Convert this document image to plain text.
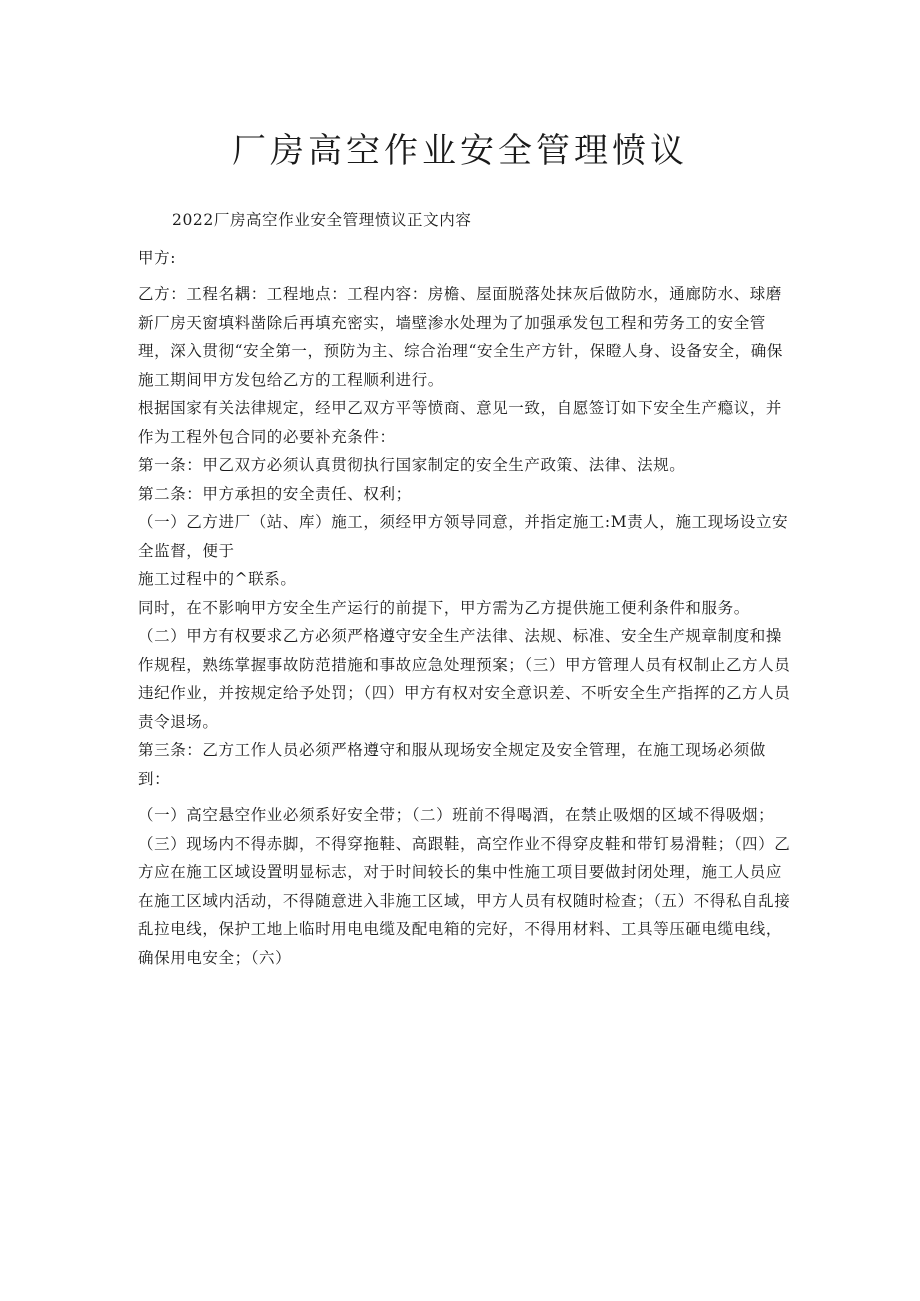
厂房高空作业安全管理愤议

2022厂房高空作业安全管理愤议正文内容

甲方:

乙方：工程名耦：工程地点：工程内容：房檐、屋面脱落处抹灰后做防水，通廊防水、球磨新厂房天窗填料凿除后再填充密实，墙壁渗水处理为了加强承发包工程和劳务工的安全管理，深入贯彻“安全第一，预防为主、综合治理“安全生产方针，保瞪人身、设备安全，确保施工期间甲方发包给乙方的工程顺利进行。

根据国家有关法律规定，经甲乙双方平等愤商、意见一致，自愿签订如下安全生产瘾议，并作为工程外包合同的必要补充条件：

第一条：甲乙双方必须认真贯彻执行国家制定的安全生产政策、法律、法规。

第二条：甲方承担的安全责任、权利；

（一）乙方进厂（站、库）施工，须经甲方领导同意，并指定施工:M责人，施工现场设立安全监督，便于

施工过程中的^联系。

同时，在不影响甲方安全生产运行的前提下，甲方需为乙方提供施工便利条件和服务。

（二）甲方有权要求乙方必须严格遵守安全生产法律、法规、标准、安全生产规章制度和操作规程，熟练掌握事故防范措施和事故应急处理预案；（三）甲方管理人员有权制止乙方人员违纪作业，并按规定给予处罚；（四）甲方有权对安全意识差、不听安全生产指挥的乙方人员责令退场。

第三条：乙方工作人员必须严格遵守和服从现场安全规定及安全管理，在施工现场必须做到：

（一）高空悬空作业必须系好安全带；（二）班前不得喝酒，在禁止吸烟的区域不得吸烟；（三）现场内不得赤脚，不得穿拖鞋、高跟鞋，高空作业不得穿皮鞋和带钉易滑鞋；（四）乙方应在施工区域设置明显标志，对于时间较长的集中性施工项目要做封闭处理，施工人员应在施工区域内活动，不得随意进入非施工区域，甲方人员有权随时检查；（五）不得私自乱接乱拉电线，保护工地上临时用电电缆及配电箱的完好，不得用材料、工具等压砸电缆电线，确保用电安全；（六）
